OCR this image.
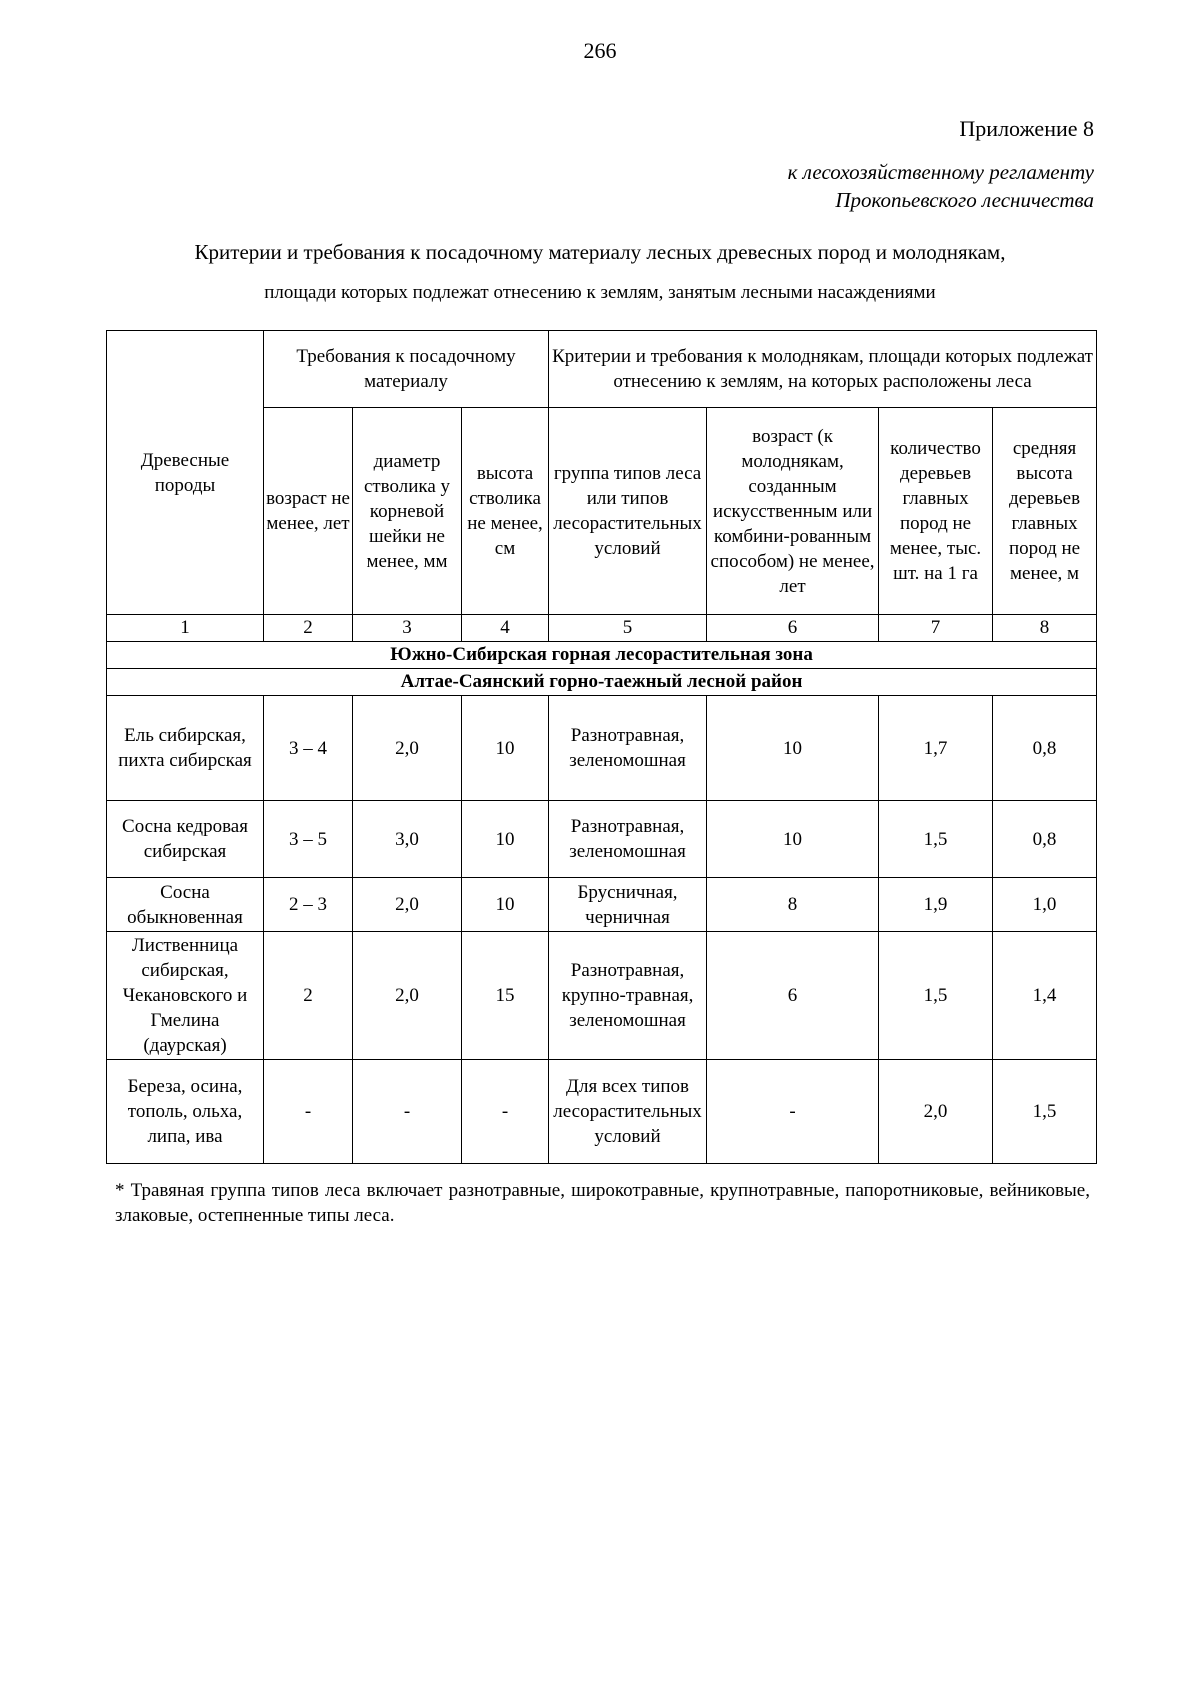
266
Приложение 8
к лесохозяйственному регламенту
Прокопьевского лесничества
Критерии и требования к посадочному материалу лесных древесных пород и молоднякам,
площади которых подлежат отнесению к землям, занятым лесными насаждениями
Древесные породы	Требования к посадочному материалу			Критерии и требования к молоднякам, площади которых подлежат отнесению к землям, на которых расположены леса			
	возраст не менее, лет	диаметр стволика у корневой шейки не менее, мм	высота стволика не менее, см	группа типов леса или типов лесорастительных условий	возраст (к молоднякам, созданным искусственным или комбини-рованным способом) не менее, лет	количество деревьев главных пород не менее, тыс. шт. на 1 га	средняя высота деревьев главных пород не менее, м
1	2	3	4	5	6	7	8
Южно-Сибирская горная лесорастительная зона							
Алтае-Саянский горно-таежный лесной район							
Ель сибирская, пихта сибирская	3 – 4	2,0	10	Разнотравная, зеленомошная	10	1,7	0,8
Сосна кедровая сибирская	3 – 5	3,0	10	Разнотравная, зеленомошная	10	1,5	0,8
Сосна обыкновенная	2 – 3	2,0	10	Брусничная, черничная	8	1,9	1,0
Лиственница сибирская, Чекановского и Гмелина (даурская)	2	2,0	15	Разнотравная, крупно-травная, зеленомошная	6	1,5	1,4
Береза, осина, тополь, ольха, липа, ива	-	-	-	Для всех типов лесорастительных условий	-	2,0	1,5
* Травяная группа типов леса включает разнотравные, широкотравные, крупнотравные, папоротниковые, вейниковые, злаковые, остепненные типы леса.
